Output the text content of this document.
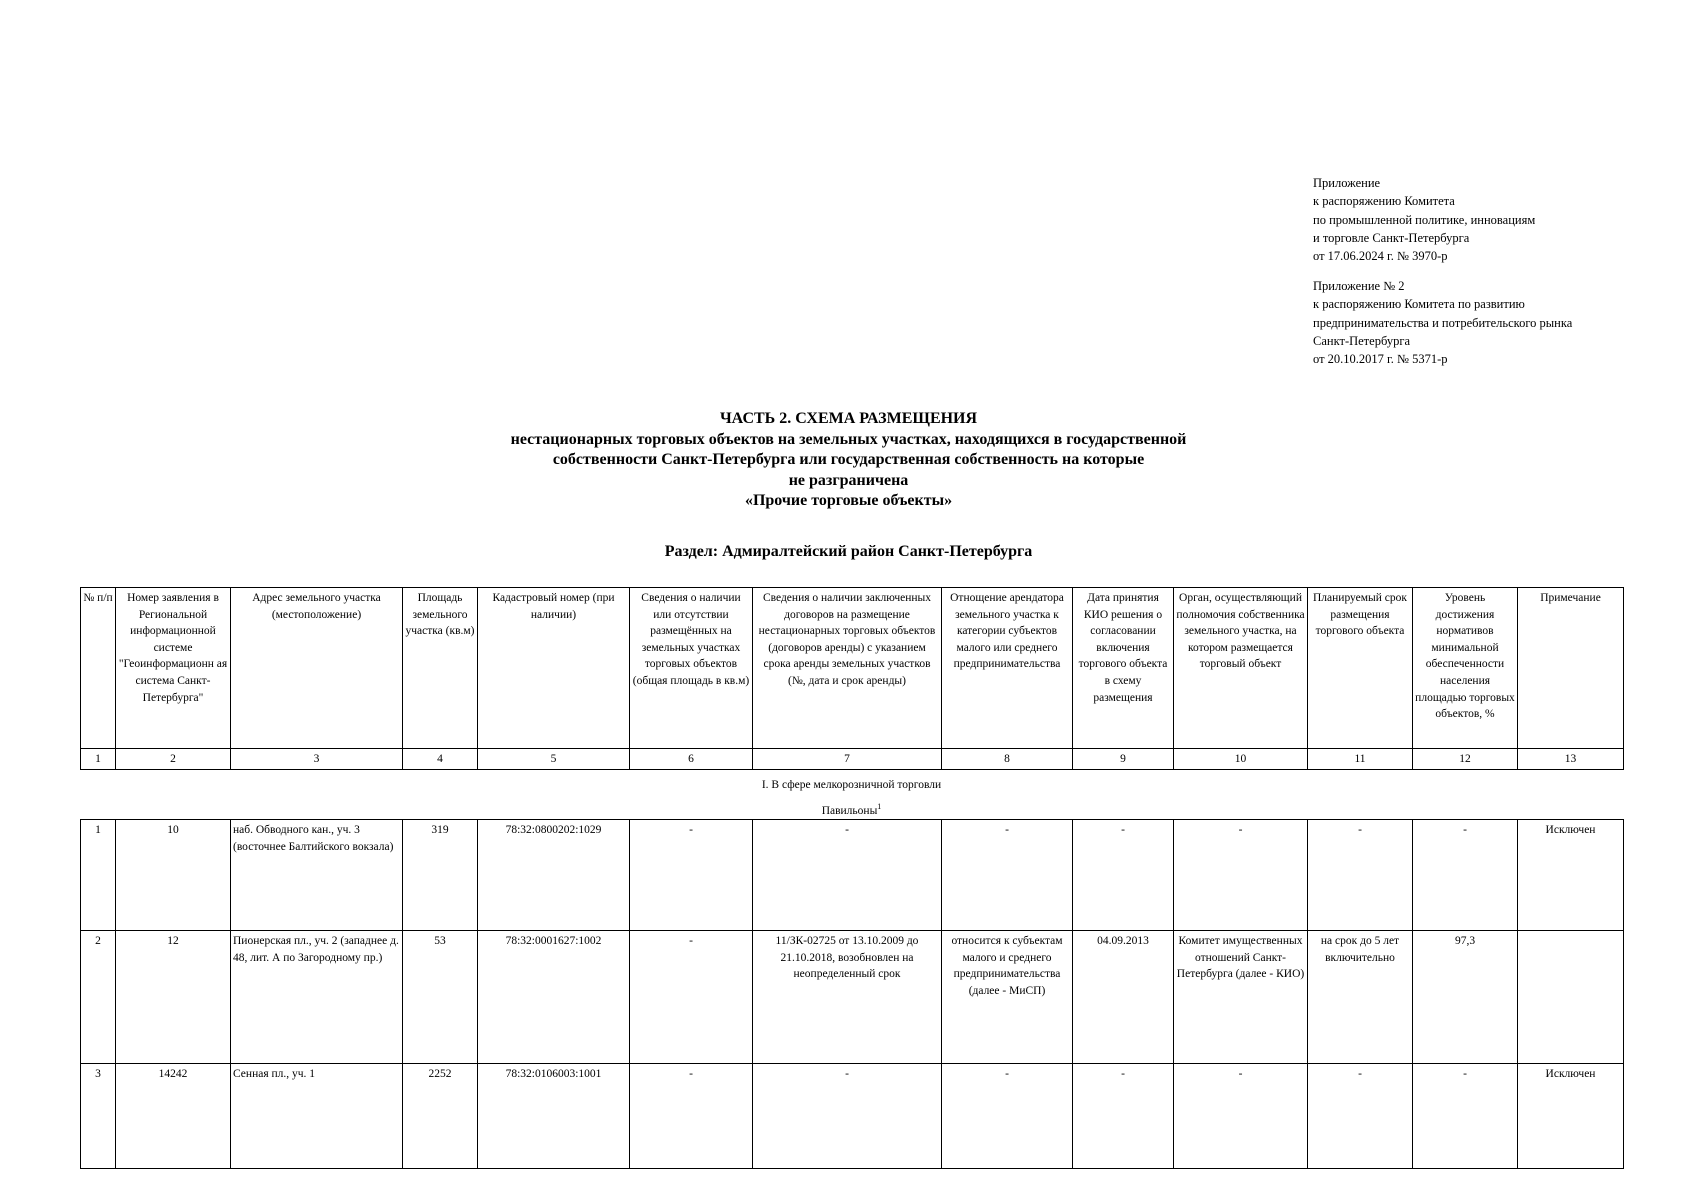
Приложение
к распоряжению Комитета
по промышленной политике, инновациям
и торговле Санкт-Петербурга
от 17.06.2024 г. № 3970-р
Приложение № 2
к распоряжению Комитета по развитию
предпринимательства и потребительского рынка
Санкт-Петербурга
от 20.10.2017 г. № 5371-р
ЧАСТЬ 2. СХЕМА РАЗМЕЩЕНИЯ
нестационарных торговых объектов на земельных участках, находящихся в государственной
собственности Санкт-Петербурга или государственная собственность на которые
не разграничена
«Прочие торговые объекты»
Раздел: Адмиралтейский район Санкт-Петербурга
№ п/п	Номер заявления в Региональной информационной системе "Геоинформационн ая система Санкт-Петербурга"	Адрес земельного участка (местоположение)	Площадь земельного участка (кв.м)	Кадастровый номер (при наличии)	Сведения о наличии или отсутствии размещённых на земельных участках торговых объектов (общая площадь в кв.м)	Сведения о наличии заключенных договоров на размещение нестационарных торговых объектов (договоров аренды) с указанием срока аренды земельных участков (№, дата и срок аренды)	Отнощение арендатора земельного участка к категории субъектов малого или среднего предпринимательства	Дата принятия КИО решения о согласовании включения торгового объекта в схему размещения	Орган, осуществляющий полномочия собственника земельного участка, на котором размещается торговый объект	Планируемый срок размещения торгового объекта	Уровень достижения нормативов минимальной обеспеченности населения площадью торговых объектов, %	Примечание
1	2	3	4	5	6	7	8	9	10	11	12	13
I. В сфере мелкорозничной торговли
Павильоны$^1$
1	10	наб. Обводного кан., уч. 3 (восточнее Балтийского вокзала)	319	78:32:0800202:1029	-	-	-	-	-	-	-	Исключен
2	12	Пионерская пл., уч. 2 (западнее д. 48, лит. А по Загородному пр.)	53	78:32:0001627:1002	-	11/ЗК-02725 от 13.10.2009 до 21.10.2018, возобновлен на неопределенный срок	относится к субъектам малого и среднего предпринимательства (далее - МиСП)	04.09.2013	Комитет имущественных отношений Санкт-Петербурга (далее - КИО)	на срок до 5 лет включительно	97,3	
3	14242	Сенная пл., уч. 1	2252	78:32:0106003:1001	-	-	-	-	-	-	-	Исключен
